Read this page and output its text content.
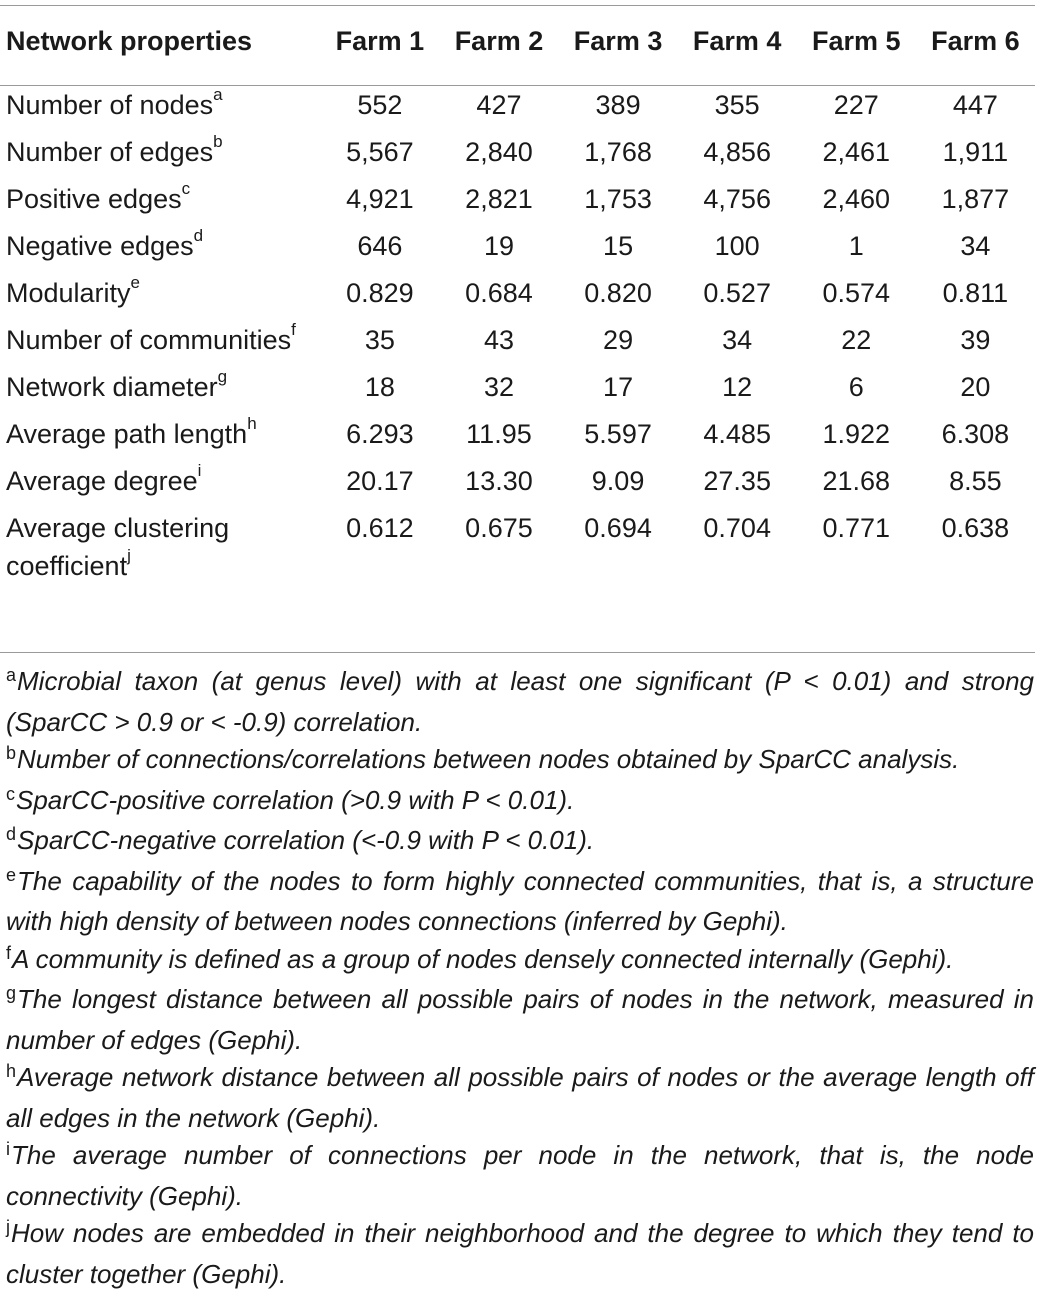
Network properties	Farm 1	Farm 2	Farm 3	Farm 4	Farm 5	Farm 6

Number of nodes$^a$	552	427	389	355	227	447
Number of edges$^b$	5,567	2,840	1,768	4,856	2,461	1,911
Positive edges$^c$	4,921	2,821	1,753	4,756	2,460	1,877
Negative edges$^d$	646	19	15	100	1	34
Modularity$^e$	0.829	0.684	0.820	0.527	0.574	0.811
Number of communities$^f$	35	43	29	34	22	39
Network diameter$^g$	18	32	17	12	6	20
Average path length$^h$	6.293	11.95	5.597	4.485	1.922	6.308
Average degree$^i$	20.17	13.30	9.09	27.35	21.68	8.55
Average clustering coefficient$^j$	0.612	0.675	0.694	0.704	0.771	0.638

$^a$Microbial taxon (at genus level) with at least one significant (P < 0.01) and strong (SparCC > 0.9 or < -0.9) correlation.

$^b$Number of connections/correlations between nodes obtained by SparCC analysis.

$^c$SparCC-positive correlation (>0.9 with P < 0.01).

$^d$SparCC-negative correlation (<-0.9 with P < 0.01).

$^e$The capability of the nodes to form highly connected communities, that is, a structure with high density of between nodes connections (inferred by Gephi).

$^f$A community is defined as a group of nodes densely connected internally (Gephi).

$^g$The longest distance between all possible pairs of nodes in the network, measured in number of edges (Gephi).

$^h$Average network distance between all possible pairs of nodes or the average length off all edges in the network (Gephi).

$^i$The average number of connections per node in the network, that is, the node connectivity (Gephi).

$^j$How nodes are embedded in their neighborhood and the degree to which they tend to cluster together (Gephi).
